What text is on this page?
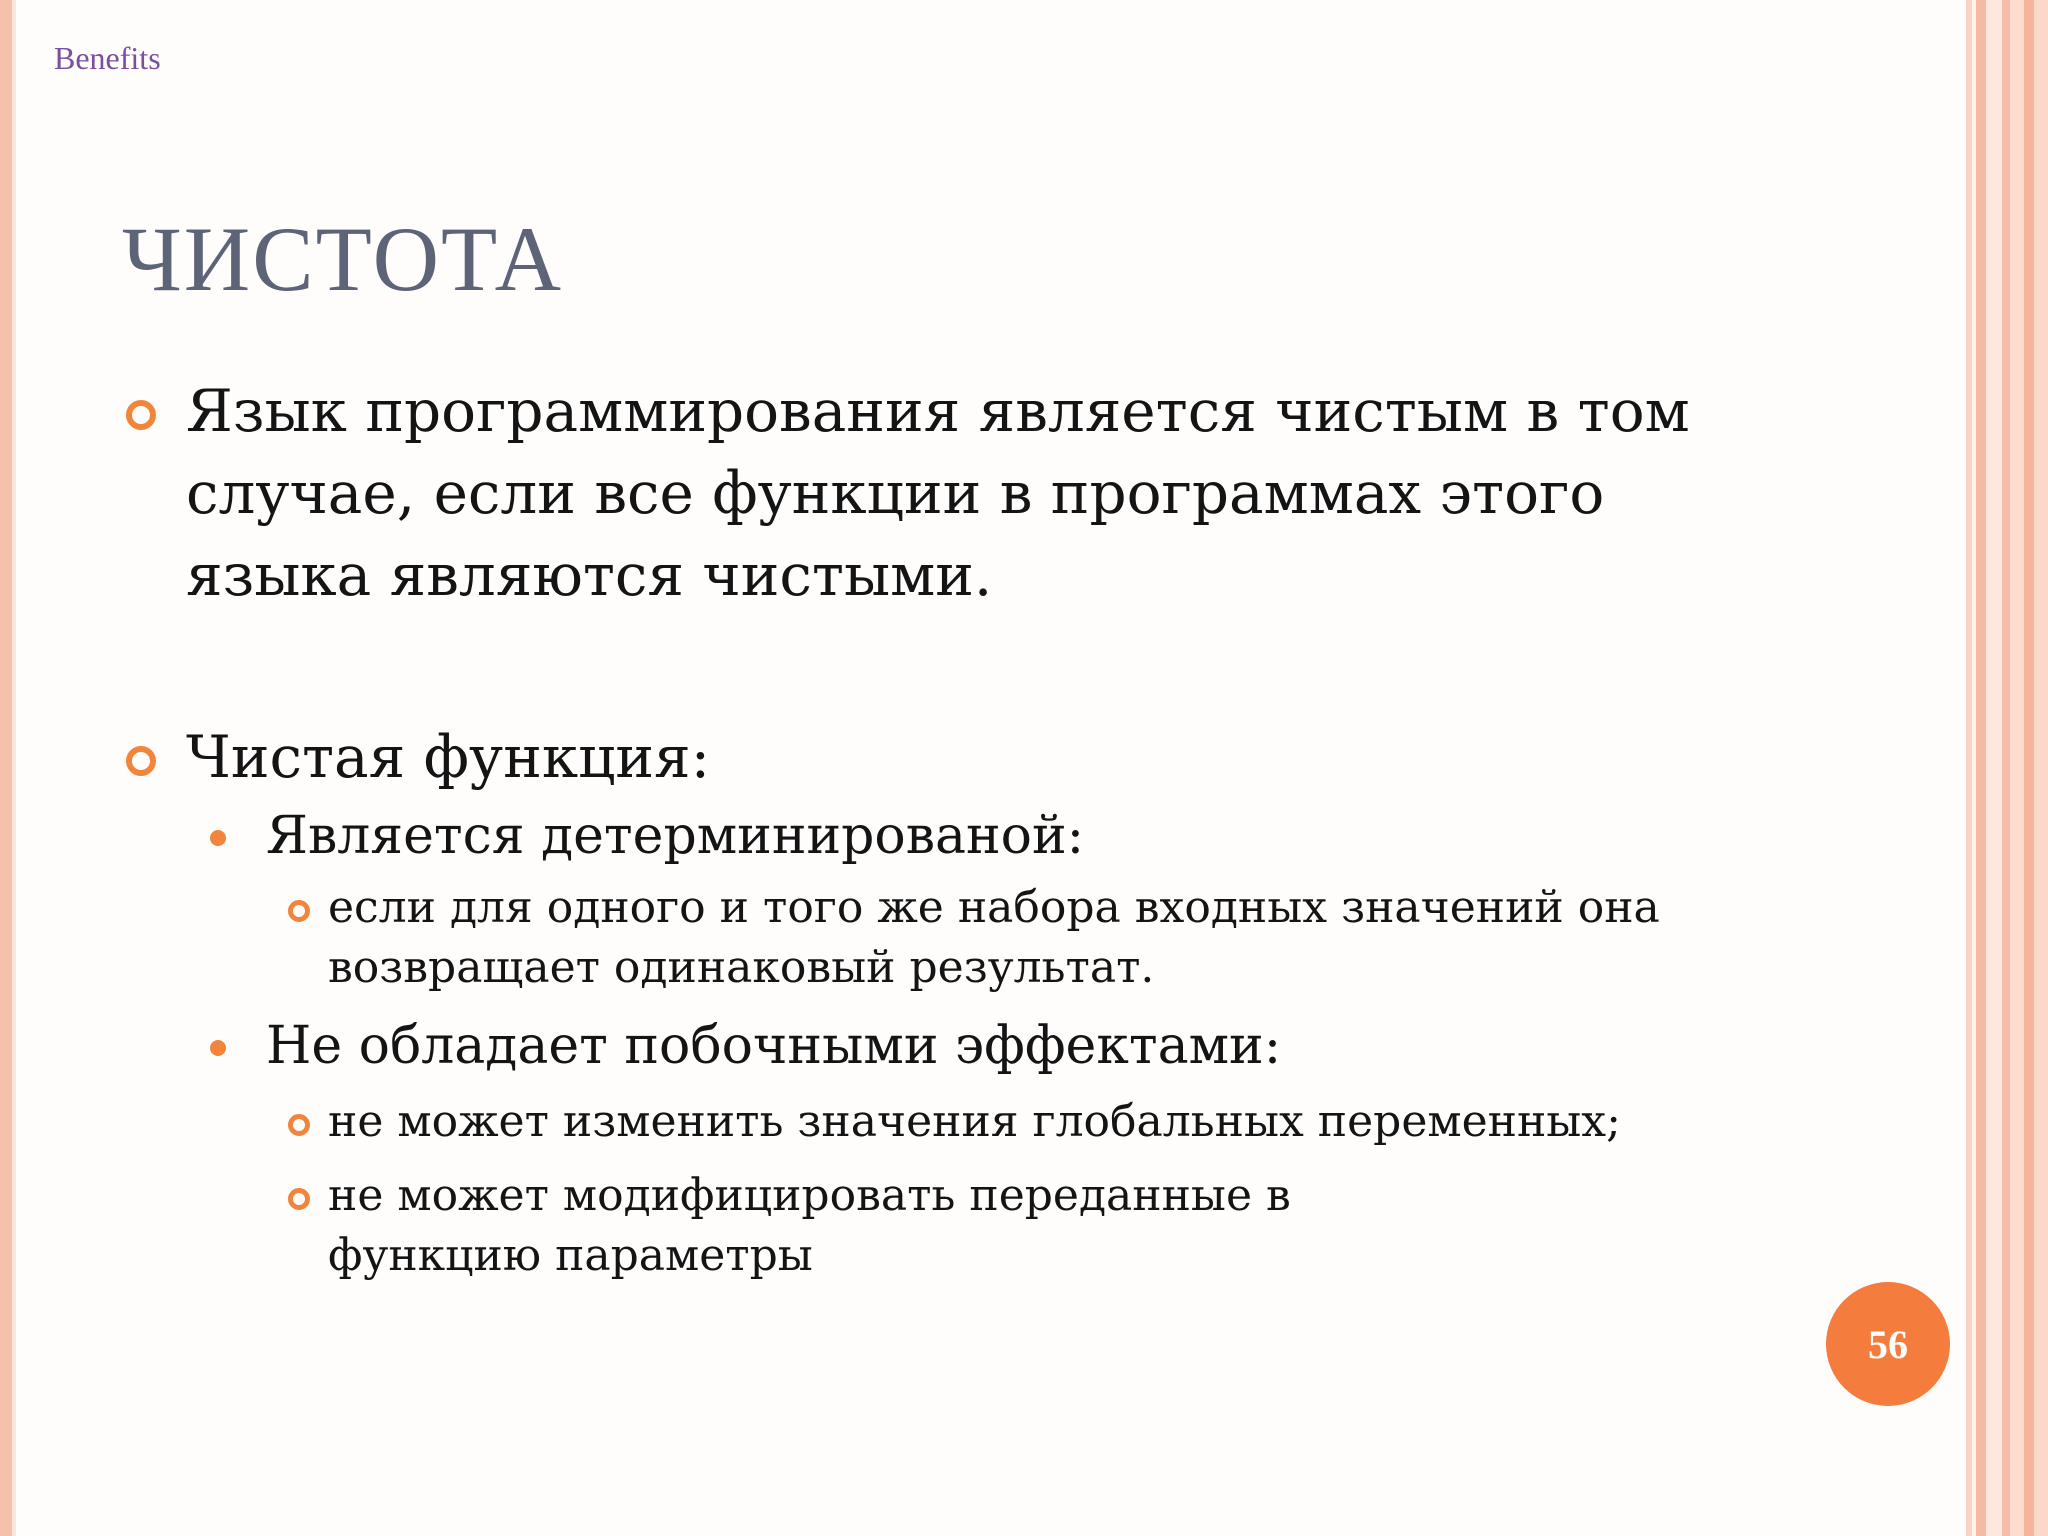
Benefits
ЧИСТОТА

Язык программирования является чистым в том случае, если все функции в программах этого языка являются чистыми.

Чистая функция:

Является детерминированой:

если для одного и того же набора входных значений она возвращает одинаковый результат.

Не обладает побочными эффектами:

не может изменить значения глобальных переменных;

не может модифицировать переданные в функцию параметры

56
